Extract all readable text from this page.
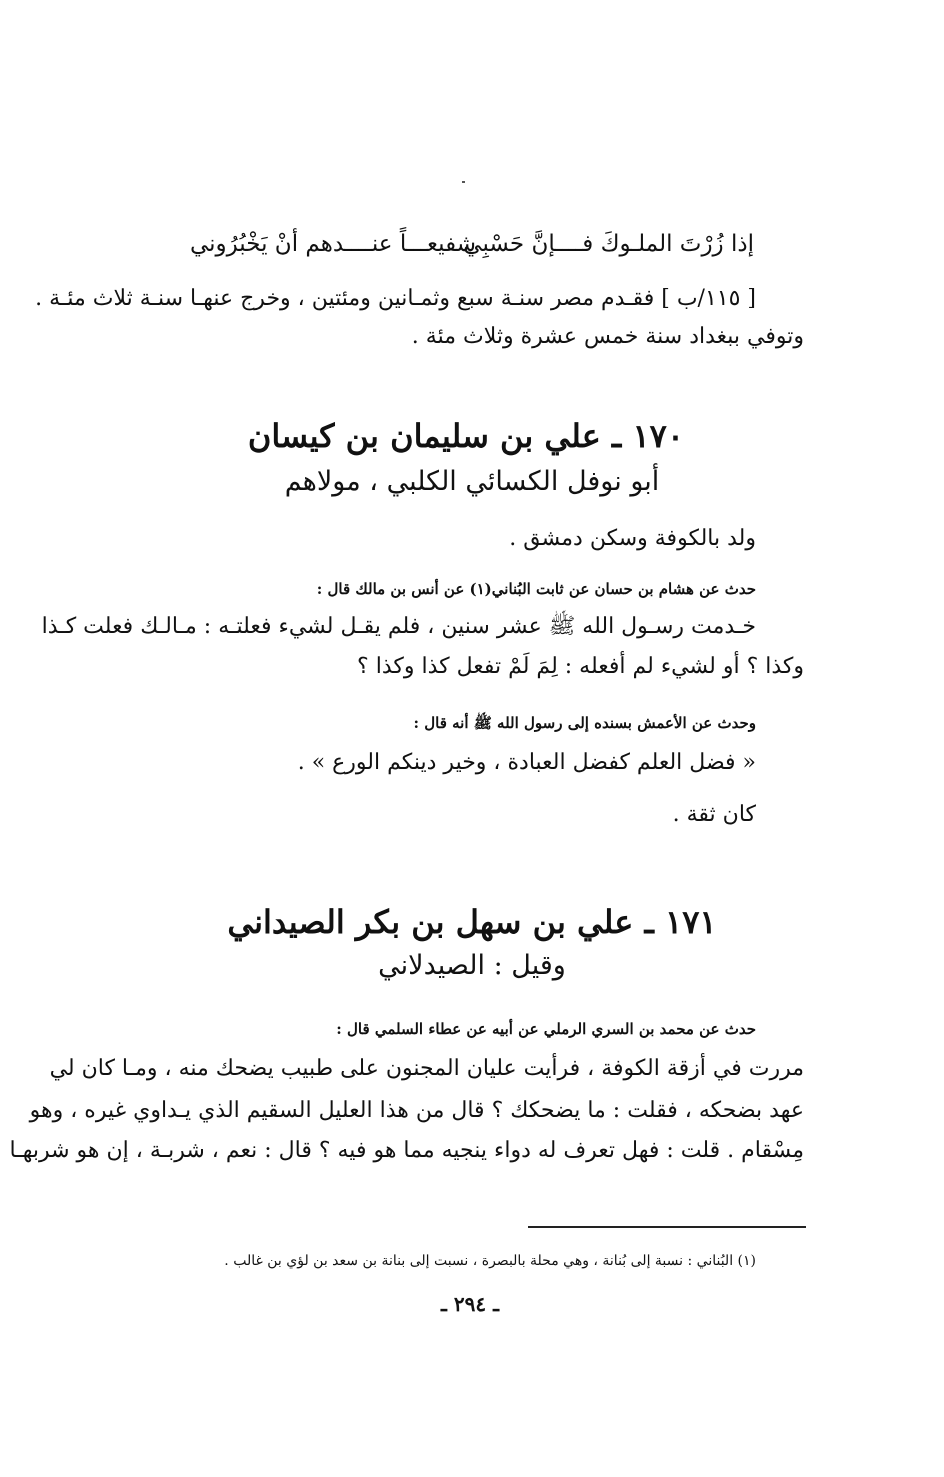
إذا زُرْتَ الملـوكَ فــــإنَّ حَسْبِي
شفيعـــاً عنــــدهم أنْ يَخْبُرُوني
[ ١١٥/ب ] فقـدم مصر سنـة سبع وثمـانين ومئتين ، وخرج عنهـا سنـة ثلاث مئـة .
وتوفي ببغداد سنة خمس عشرة وثلاث مئة .
١٧٠ ـ علي بن سليمان بن كيسان
أبو نوفل الكسائي الكلبي ، مولاهم
ولد بالكوفة وسكن دمشق .
حدث عن هشام بن حسان عن ثابت البُناني(١) عن أنس بن مالك قال :
خـدمت رسـول الله ﷺ عشر سنين ، فلم يقـل لشيء فعلتـه : مـالـك فعلت كـذا
وكذا ؟ أو لشيء لم أفعله : لِمَ لَمْ تفعل كذا وكذا ؟
وحدث عن الأعمش بسنده إلى رسول الله ﷺ أنه قال :
« فضل العلم كفضل العبادة ، وخير دينكم الورع » .
كان ثقة .
١٧١ ـ علي بن سهل بن بكر الصيداني
وقيل : الصيدلاني
حدث عن محمد بن السري الرملي عن أبيه عن عطاء السلمي قال :
مررت في أزقة الكوفة ، فرأيت عليان المجنون على طبيب يضحك منه ، ومـا كان لي
عهد بضحكه ، فقلت : ما يضحكك ؟ قال من هذا العليل السقيم الذي يـداوي غيره ، وهو
مِسْقام . قلت : فهل تعرف له دواء ينجيه مما هو فيه ؟ قال : نعم ، شربـة ، إن هو شربهـا
(١) البُناني : نسبة إلى بُنانة ، وهي محلة بالبصرة ، نسبت إلى بنانة بن سعد بن لؤي بن غالب .
ـ ٢٩٤ ـ
